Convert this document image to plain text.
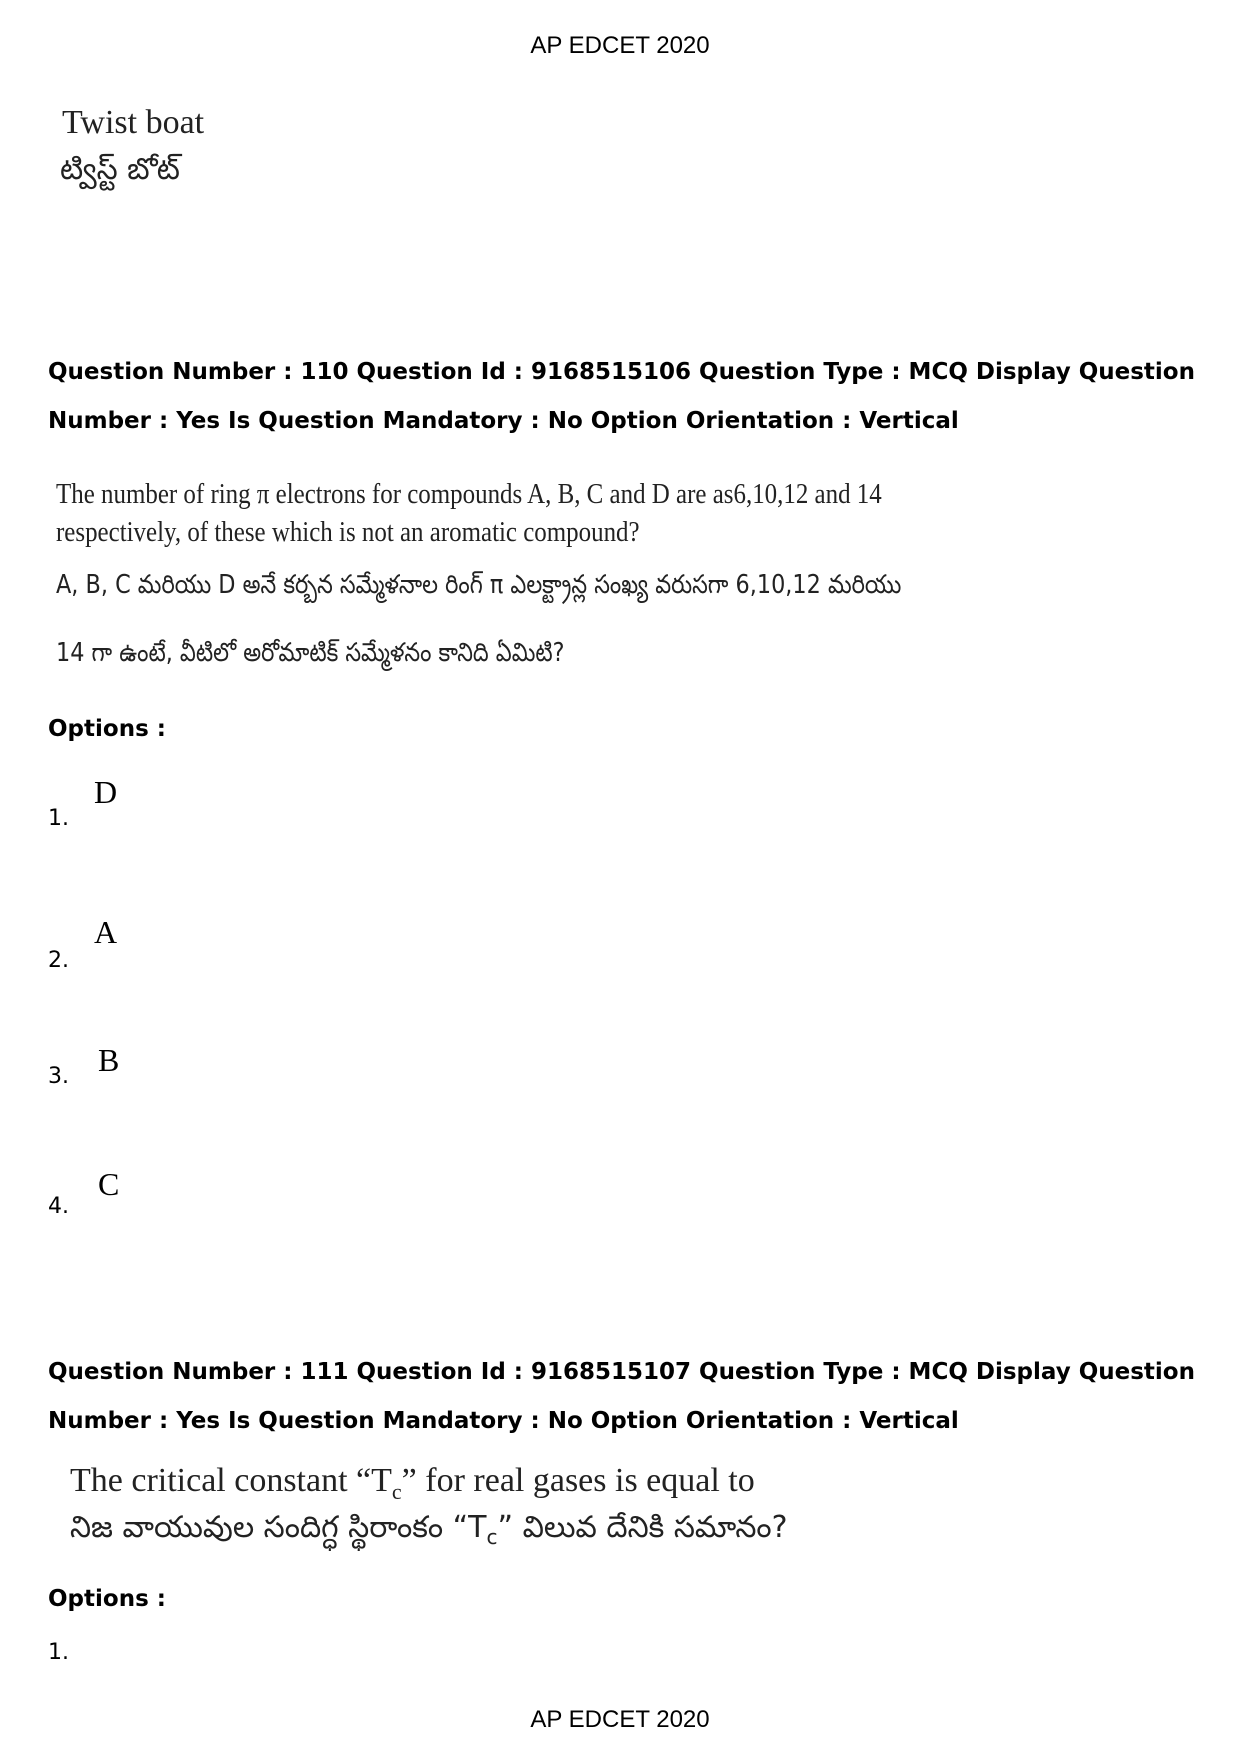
AP EDCET 2020
Twist boat
ట్విస్ట్ బోట్
Question Number : 110 Question Id : 9168515106 Question Type : MCQ Display Question Number : Yes Is Question Mandatory : No Option Orientation : Vertical
The number of ring π electrons for compounds A, B, C and D are as6,10,12 and 14
respectively, of these which is not an aromatic compound?
A, B, C మరియు D అనే కర్బన సమ్మేళనాల రింగ్ π ఎలక్ట్రాన్ల సంఖ్య వరుసగా 6,10,12 మరియు
14 గా ఉంటే, వీటిలో అరోమాటిక్ సమ్మేళనం కానిది ఏమిటి?
Options :
1.
D
2.
A
3. B
4.
C
Question Number : 111 Question Id : 9168515107 Question Type : MCQ Display Question Number : Yes Is Question Mandatory : No Option Orientation : Vertical
The critical constant “$T_c$” for real gases is equal to
నిజ వాయువుల సందిగ్ధ స్థిరాంకం “$T_c$” విలువ దేనికి సమానం?
Options :
1.
AP EDCET 2020
